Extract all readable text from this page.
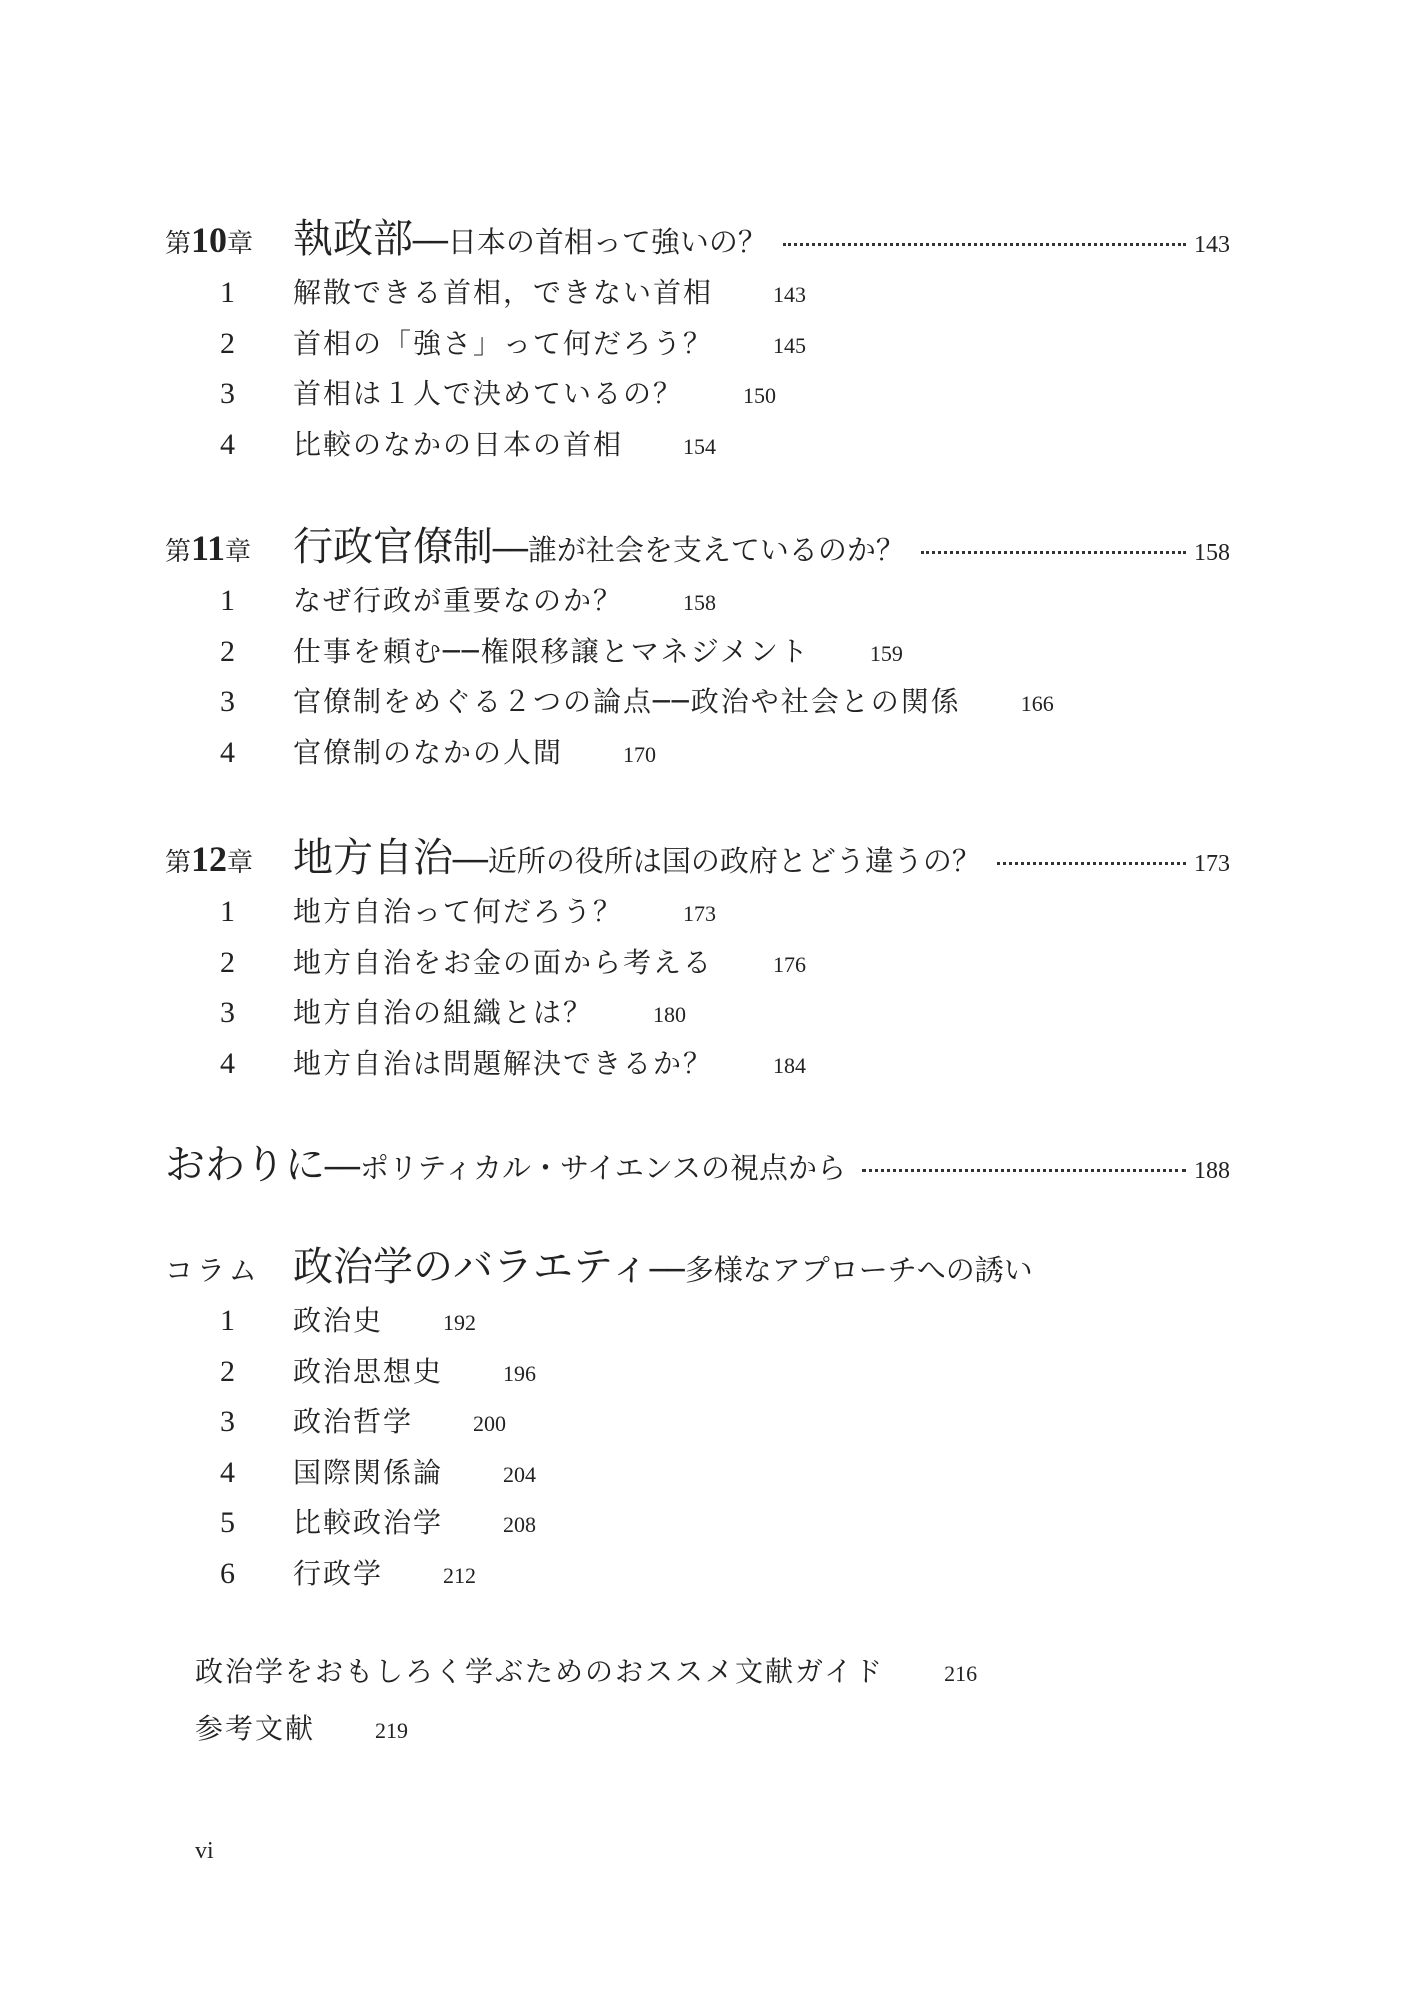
第10章 執政部 ── 日本の首相って強いの？	143
1	解散できる首相，できない首相	143
2	首相の「強さ」って何だろう？	145
3	首相は１人で決めているの？	150
4	比較のなかの日本の首相	154
第11章	行政官僚制 ── 誰が社会を支えているのか？	158
1	なぜ行政が重要なのか？	158
2	仕事を頼む──権限移譲とマネジメント	159
3	官僚制をめぐる２つの論点──政治や社会との関係	166
4	官僚制のなかの人間	170
第12章 地方自治 ── 近所の役所は国の政府とどう違うの？	173
1	地方自治って何だろう？	173
2	地方自治をお金の面から考える	176
3	地方自治の組織とは？	180
4	地方自治は問題解決できるか？	184
おわりに ── ポリティカル・サイエンスの視点から	188
コラム 政治学のバラエティ ── 多様なアプローチへの誘い
1	政治史	192
2	政治思想史	196
3	政治哲学	200
4	国際関係論	204
5	比較政治学	208
6	行政学	212
政治学をおもしろく学ぶためのおススメ文献ガイド	216
参考文献	219
vi
